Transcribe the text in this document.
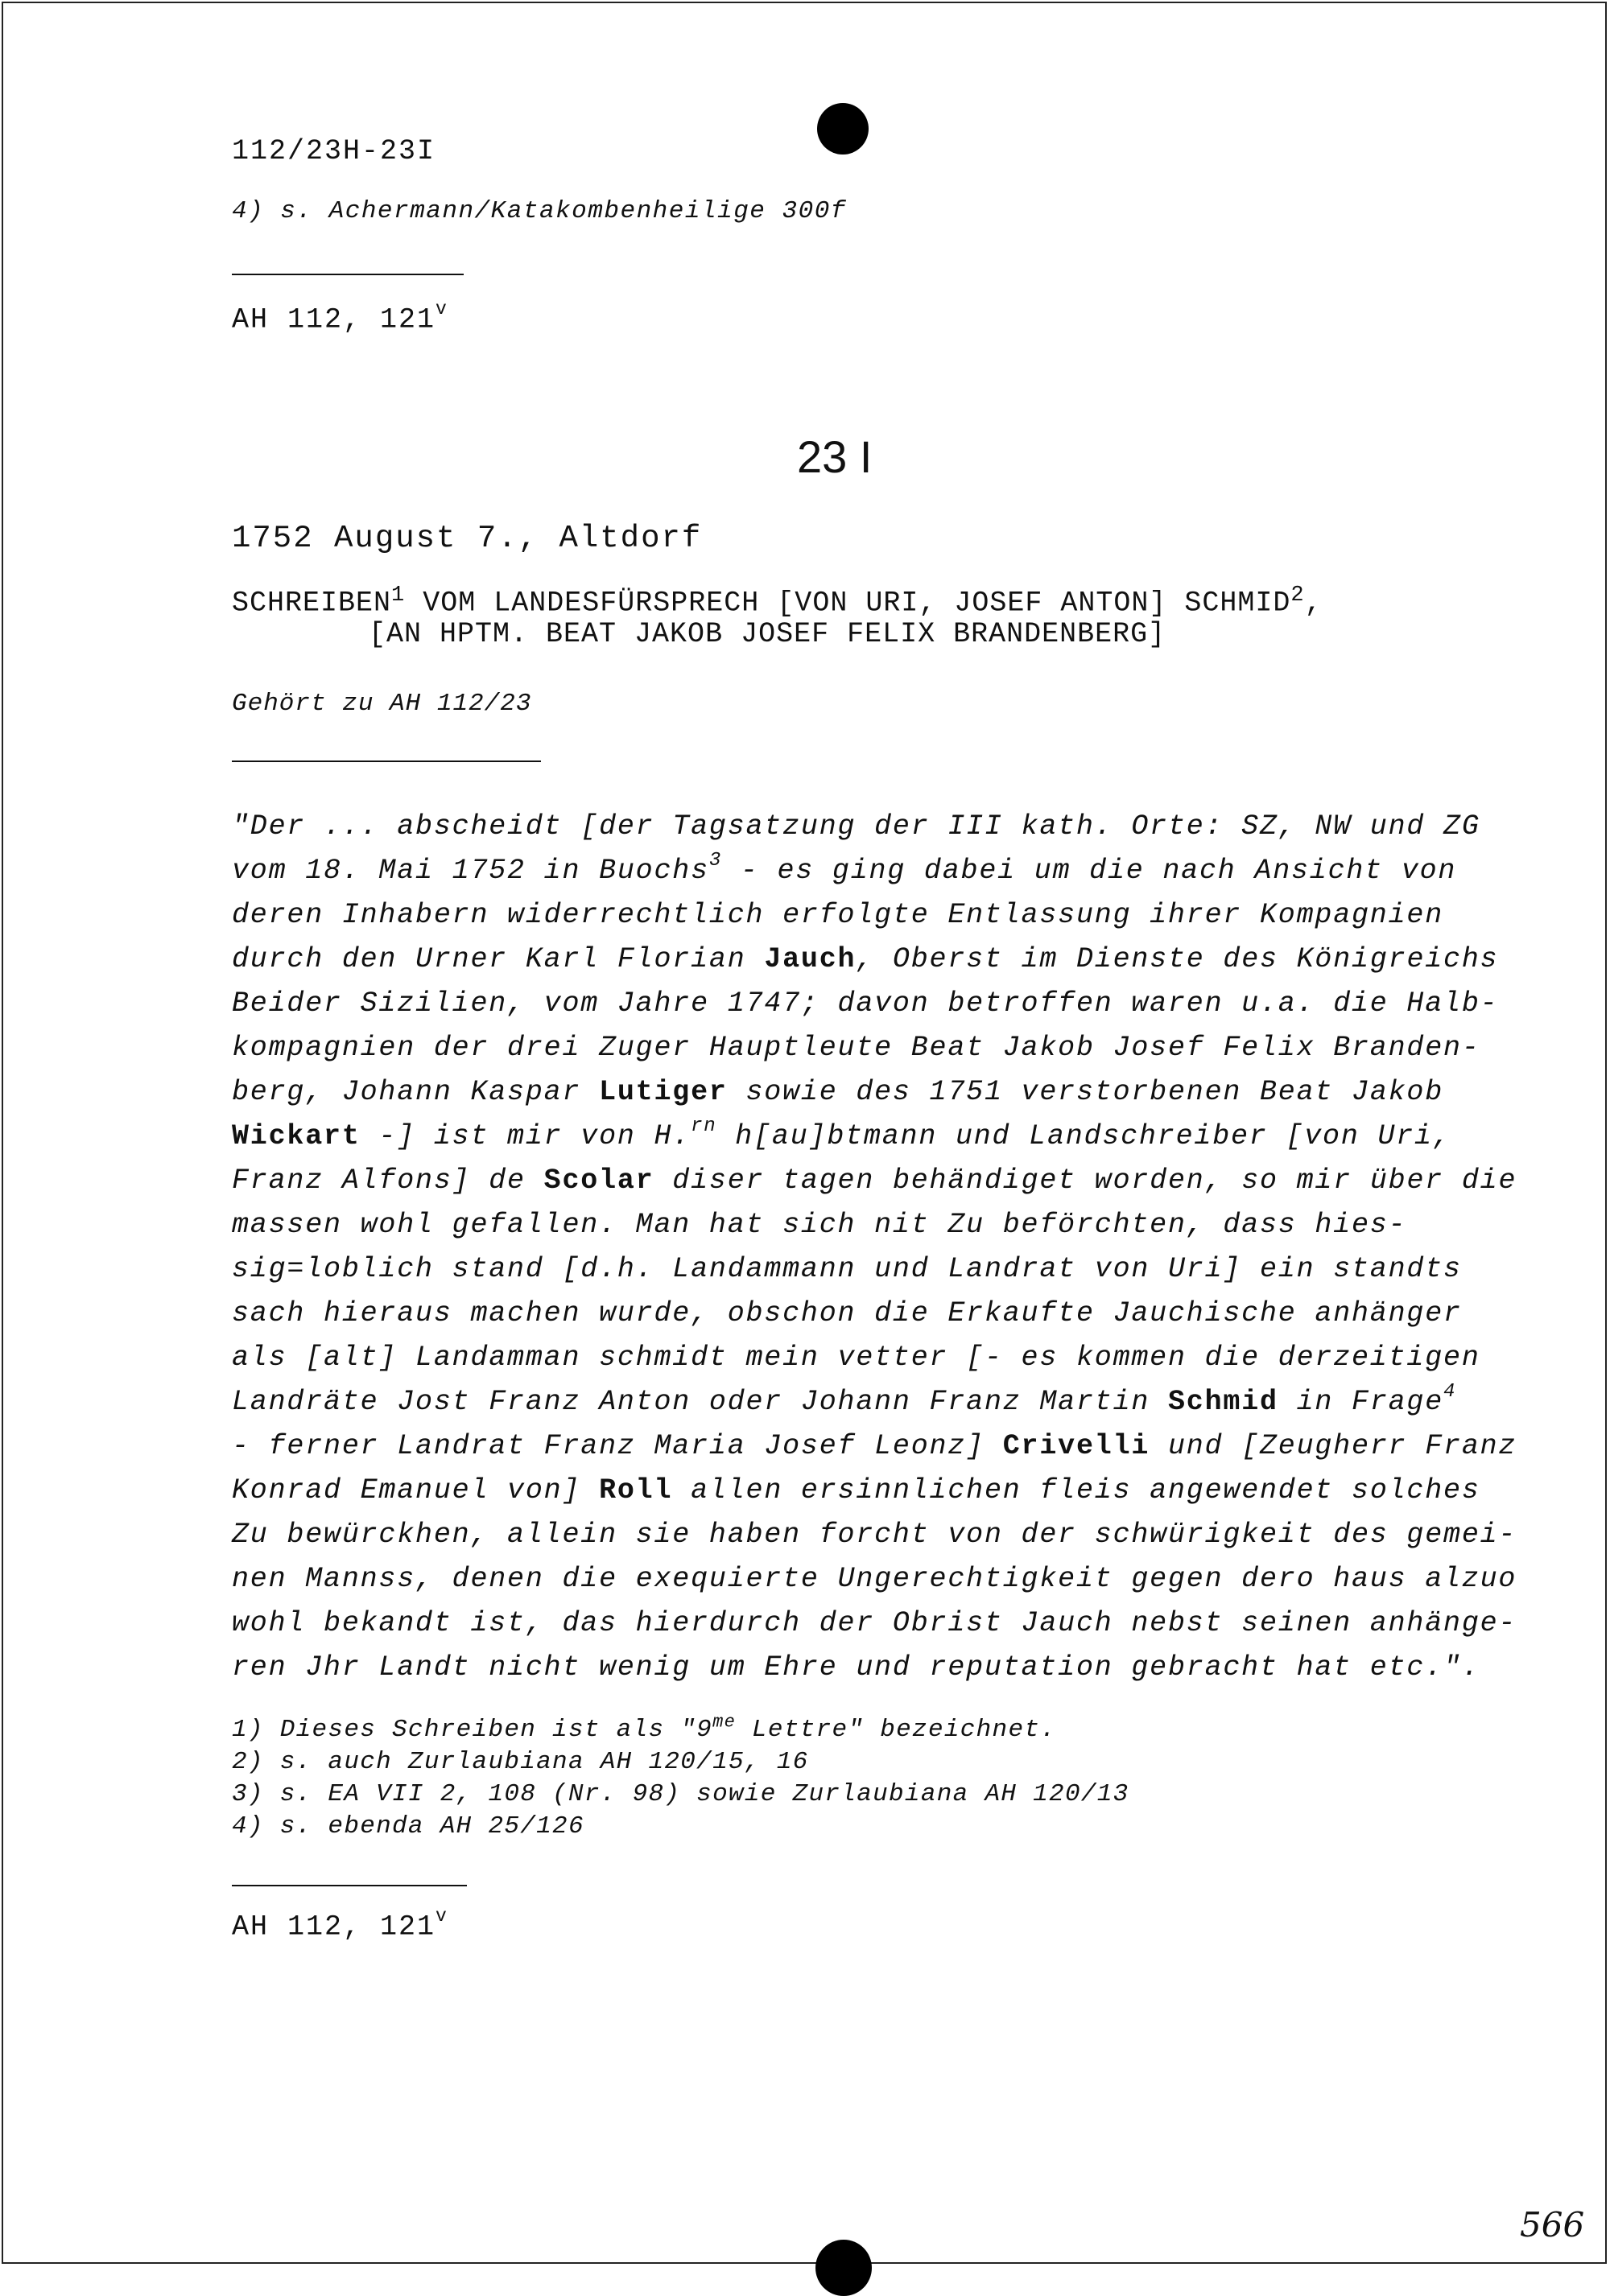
112/23H-23I

4) s. Achermann/Katakombenheilige 300f

AH 112, 121$^v$

23 I

1752 August 7., Altdorf

SCHREIBEN$^1$ VOM LANDESFÜRSPRECH [VON URI, JOSEF ANTON] SCHMID$^2$,

[AN HPTM. BEAT JAKOB JOSEF FELIX BRANDENBERG]

Gehört zu AH 112/23

"Der ... abscheidt [der Tagsatzung der III kath. Orte: SZ, NW und ZG
vom 18. Mai 1752 in Buochs$^3$ - es ging dabei um die nach Ansicht von
deren Inhabern widerrechtlich erfolgte Entlassung ihrer Kompagnien
durch den Urner Karl Florian Jauch, Oberst im Dienste des Königreichs
Beider Sizilien, vom Jahre 1747; davon betroffen waren u.a. die Halb-
kompagnien der drei Zuger Hauptleute Beat Jakob Josef Felix Branden-
berg, Johann Kaspar Lutiger sowie des 1751 verstorbenen Beat Jakob
Wickart -] ist mir von H.$^{rn}$ h[au]btmann und Landschreiber [von Uri,
Franz Alfons] de Scolar diser tagen behändiget worden, so mir über die
massen wohl gefallen. Man hat sich nit Zu beförchten, dass hies-
sig=loblich stand [d.h. Landammann und Landrat von Uri] ein standts
sach hieraus machen wurde, obschon die Erkaufte Jauchische anhänger
als [alt] Landamman schmidt mein vetter [- es kommen die derzeitigen
Landräte Jost Franz Anton oder Johann Franz Martin Schmid in Frage$^4$
- ferner Landrat Franz Maria Josef Leonz] Crivelli und [Zeugherr Franz
Konrad Emanuel von] Roll allen ersinnlichen fleis angewendet solches
Zu bewürckhen, allein sie haben forcht von der schwürigkeit des gemei-
nen Mannss, denen die exequierte Ungerechtigkeit gegen dero haus alzuo
wohl bekandt ist, das hierdurch der Obrist Jauch nebst seinen anhänge-
ren Jhr Landt nicht wenig um Ehre und reputation gebracht hat etc.".
1) Dieses Schreiben ist als "$9^{me}$ Lettre" bezeichnet.
2) s. auch Zurlaubiana AH 120/15, 16
3) s. EA VII 2, 108 (Nr. 98) sowie Zurlaubiana AH 120/13
4) s. ebenda AH 25/126

AH 112, 121$^v$

566
